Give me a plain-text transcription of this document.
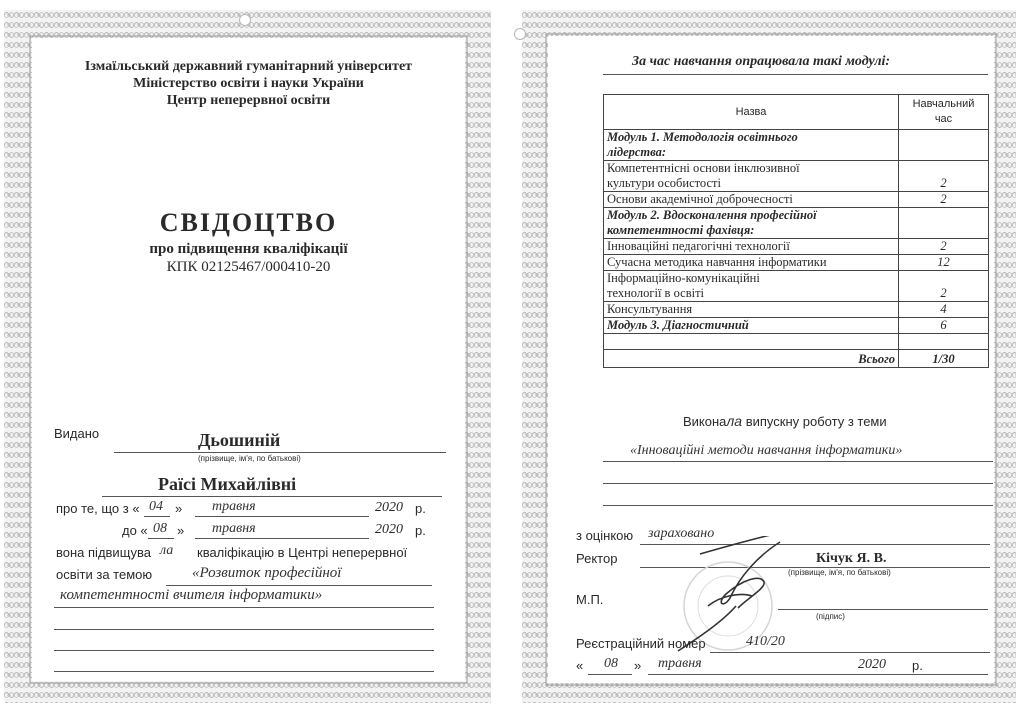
Ізмаїльський державний гуманітарний університет
Міністерство освіти і науки України
Центр неперервної освіти
СВІДОЦТВО
про підвищення кваліфікації
КПК 02125467/000410-20
Видано	Дьошиній
(прізвище, ім'я, по батькові)
Раїсі Михайлівні
про те, що з « 04 » травня	2020 р.
до « 08 » травня	2020 р.
вона підвищува ла кваліфікацію в Центрі неперервної
освіти за темою	«Розвиток професійної
компетентності вчителя інформатики»
За час навчання опрацювала такі модулі:
Назва	Навчальний
час
Модуль 1. Методологія освітнього
лідерства:	
Компетентнісні основи інклюзивної
культури особистості	2
Основи академічної доброчесності	2
Модуль 2. Вдосконалення професійної
компетентності фахівця:	
Інноваційні педагогічні технології	2
Сучасна методика навчання інформатики	12
Інформаційно-комунікаційні
технології в освіті	2
Консультування	4
Модуль 3. Діагностичний	6

Всього	1/30
Виконала випускну роботу з теми
«Інноваційні методи навчання інформатики»
з оцінкою зараховано
Ректор	Кічук Я. В.
(прізвище, ім'я, по батькові)
М.П.
(підпис)
Реєстраційний номер	410/20
« 08 » травня	2020 р.
